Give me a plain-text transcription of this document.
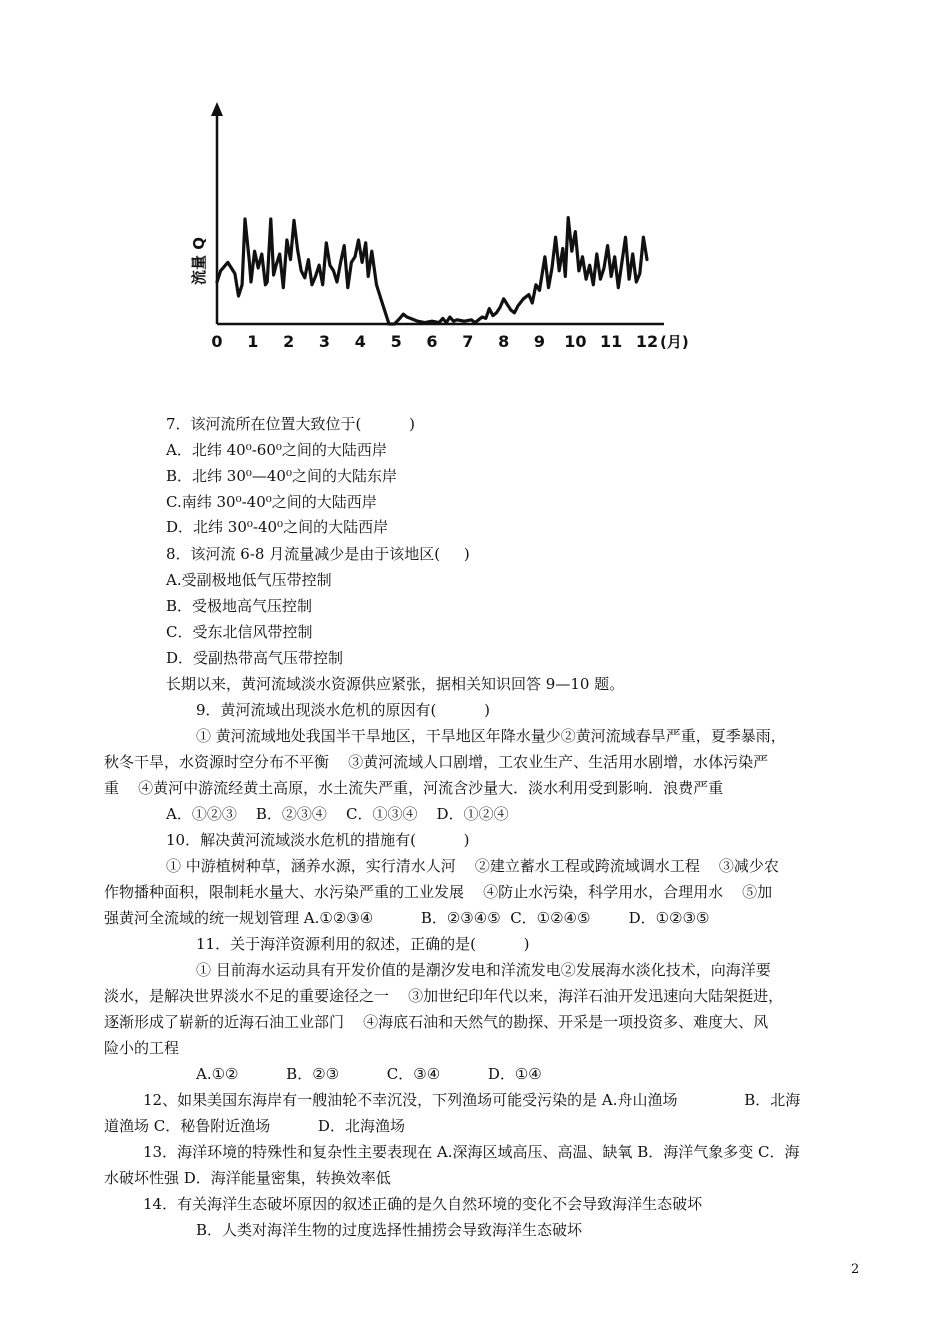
0 1 2 3 4 5 6 7 8 9 10 11 12 (月)
流量 Q
7．该河流所在位置大致位于(          )
A．北纬 40⁰-60⁰之间的大陆西岸
B．北纬 30⁰—40⁰之间的大陆东岸
C.南纬 30⁰-40⁰之间的大陆西岸
D．北纬 30⁰-40⁰之间的大陆西岸
8．该河流 6-8 月流量减少是由于该地区(     )
A.受副极地低气压带控制
B．受极地高气压控制
C．受东北信风带控制
D．受副热带高气压带控制
长期以来，黄河流域淡水资源供应紧张，据相关知识回答 9—10 题。
9．黄河流域出现淡水危机的原因有(          )
① 黄河流域地处我国半干旱地区，干旱地区年降水量少②黄河流域春旱严重，夏季暴雨，
秋冬干旱，水资源时空分布不平衡    ③黄河流域人口剧增，工农业生产、生活用水剧增，水体污染严
重    ④黄河中游流经黄土高原，水土流失严重，河流含沙量大．淡水利用受到影响．浪费严重
A．①②③    B．②③④    C．①③④    D．①②④
10．解决黄河流域淡水危机的措施有(          )
① 中游植树种草，涵养水源，实行清水人河    ②建立蓄水工程或跨流域调水工程    ③减少农
作物播种面积，限制耗水量大、水污染严重的工业发展    ④防止水污染，科学用水，合理用水    ⑤加
强黄河全流域的统一规划管理 A.①②③④          B．②③④⑤  C．①②④⑤        D．①②③⑤
11．关于海洋资源利用的叙述，正确的是(          )
① 目前海水运动具有开发价值的是潮汐发电和洋流发电②发展海水淡化技术，向海洋要
淡水，是解决世界淡水不足的重要途径之一    ③加世纪印年代以来，海洋石油开发迅速向大陆架挺进，
逐渐形成了崭新的近海石油工业部门    ④海底石油和天然气的勘探、开采是一项投资多、难度大、风
险小的工程
A.①②          B．②③          C．③④          D．①④
12、如果美国东海岸有一艘油轮不幸沉没，下列渔场可能受污染的是 A.舟山渔场              B．北海
道渔场 C．秘鲁附近渔场          D．北海渔场
13．海洋环境的特殊性和复杂性主要表现在 A.深海区域高压、高温、缺氧 B．海洋气象多变 C．海
水破坏性强 D．海洋能量密集，转换效率低
14．有关海洋生态破坏原因的叙述正确的是久自然环境的变化不会导致海洋生态破坏
B．人类对海洋生物的过度选择性捕捞会导致海洋生态破坏
2
